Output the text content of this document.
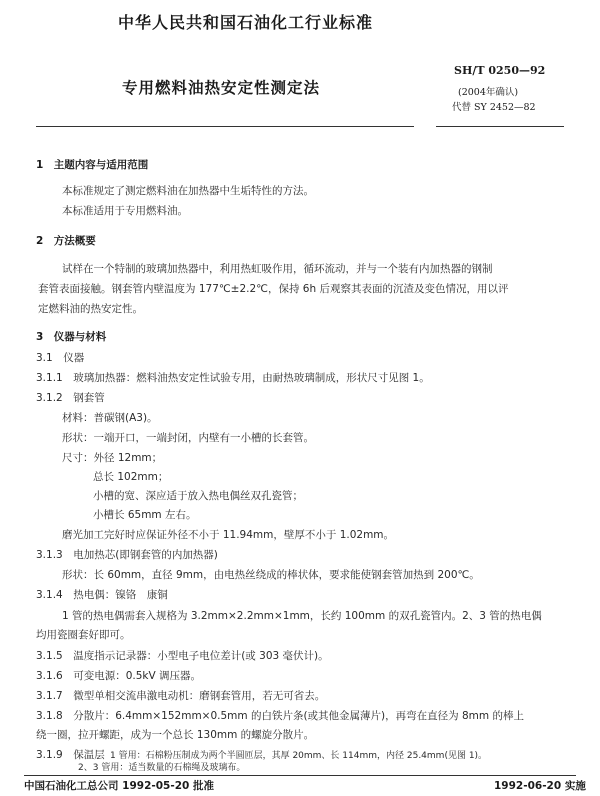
中华人民共和国石油化工行业标准
专用燃料油热安定性测定法
SH/T 0250—92
(2004年确认)
代替 SY 2452—82
1　主题内容与适用范围
本标准规定了测定燃料油在加热器中生垢特性的方法。
本标准适用于专用燃料油。
2　方法概要
试样在一个特制的玻璃加热器中，利用热虹吸作用，循环流动，并与一个装有内加热器的钢制
套管表面接触。钢套管内壁温度为 177℃±2.2℃，保持 6h 后观察其表面的沉渣及变色情况，用以评
定燃料油的热安定性。
3　仪器与材料
3.1　仪器
3.1.1　玻璃加热器：燃料油热安定性试验专用，由耐热玻璃制成，形状尺寸见图 1。
3.1.2　钢套管
材料：普碳钢(A3)。
形状：一端开口，一端封闭，内壁有一小槽的长套管。
尺寸：外径 12mm；
总长 102mm；
小槽的宽、深应适于放入热电偶丝双孔瓷管；
小槽长 65mm 左右。
磨光加工完好时应保证外径不小于 11.94mm，壁厚不小于 1.02mm。
3.1.3　电加热芯(即钢套管的内加热器)
形状：长 60mm，直径 9mm，由电热丝绕成的棒状体，要求能使钢套管加热到 200℃。
3.1.4　热电偶：镍铬　康铜
1 管的热电偶需套入规格为 3.2mm×2.2mm×1mm，长约 100mm 的双孔瓷管内。2、3 管的热电偶
均用瓷圈套好即可。
3.1.5　温度指示记录器：小型电子电位差计(或 303 毫伏计)。
3.1.6　可变电源：0.5kV 调压器。
3.1.7　微型单相交流串激电动机：磨钢套管用，若无可省去。
3.1.8　分散片：6.4mm×152mm×0.5mm 的白铁片条(或其他金属薄片)，再弯在直径为 8mm 的棒上
绕一圈，拉开螺距，成为一个总长 130mm 的螺旋分散片。
3.1.9　保温层 1 管用：石棉粉压制成为两个半圆匝层，其厚 20mm、长 114mm，内径 25.4mm(见图 1)。
中国石油化工总公司 1992-05-20 批准	1992-06-20 实施
2、3 管用：适当数量的石棉绳及玻璃布。
